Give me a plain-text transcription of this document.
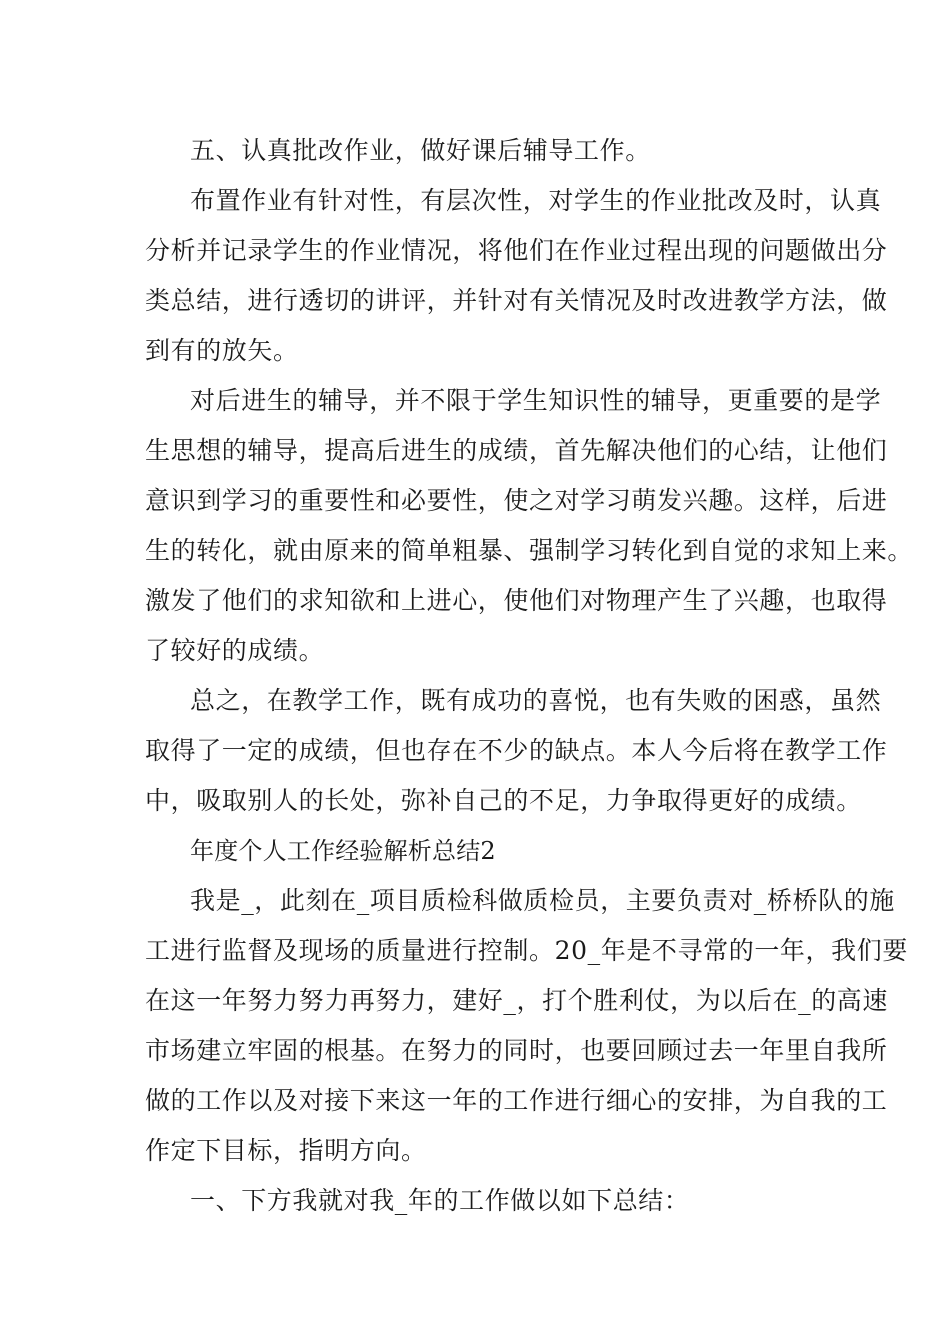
五、认真批改作业，做好课后辅导工作。
布置作业有针对性，有层次性，对学生的作业批改及时，认真
分析并记录学生的作业情况，将他们在作业过程出现的问题做出分
类总结，进行透切的讲评，并针对有关情况及时改进教学方法，做
到有的放矢。
对后进生的辅导，并不限于学生知识性的辅导，更重要的是学
生思想的辅导，提高后进生的成绩，首先解决他们的心结，让他们
意识到学习的重要性和必要性，使之对学习萌发兴趣。这样，后进
生的转化，就由原来的简单粗暴、强制学习转化到自觉的求知上来。
激发了他们的求知欲和上进心，使他们对物理产生了兴趣，也取得
了较好的成绩。
总之，在教学工作，既有成功的喜悦，也有失败的困惑，虽然
取得了一定的成绩，但也存在不少的缺点。本人今后将在教学工作
中，吸取别人的长处，弥补自己的不足，力争取得更好的成绩。
年度个人工作经验解析总结2
我是_，此刻在_项目质检科做质检员，主要负责对_桥桥队的施
工进行监督及现场的质量进行控制。20_年是不寻常的一年，我们要
在这一年努力努力再努力，建好_，打个胜利仗，为以后在_的高速
市场建立牢固的根基。在努力的同时，也要回顾过去一年里自我所
做的工作以及对接下来这一年的工作进行细心的安排，为自我的工
作定下目标，指明方向。
一、下方我就对我_年的工作做以如下总结：
